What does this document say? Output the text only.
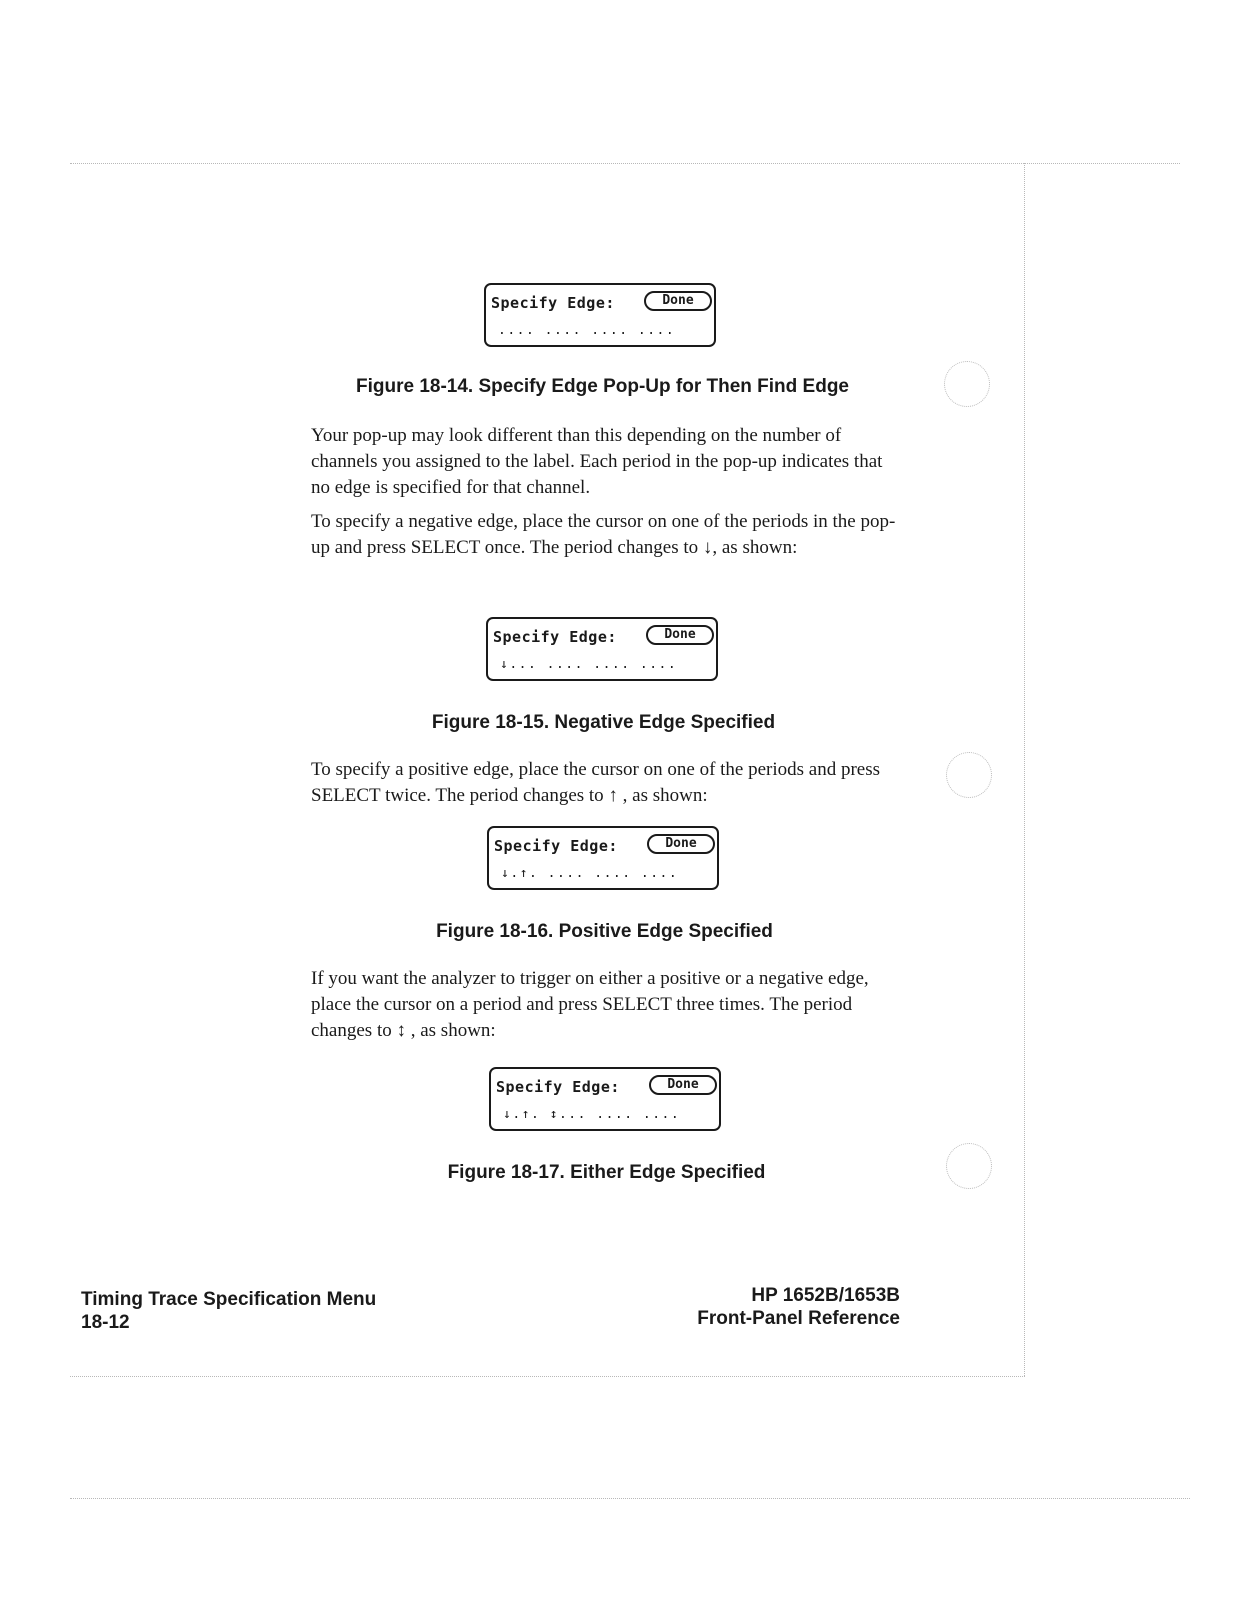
Specify Edge:	Done
.... .... .... ....
Figure 18-14. Specify Edge Pop-Up for Then Find Edge

Your pop-up may look different than this depending on the number of channels you assigned to the label. Each period in the pop-up indicates that no edge is specified for that channel.

To specify a negative edge, place the cursor on one of the periods in the pop-up and press SELECT once. The period changes to ↓, as shown:

Specify Edge:	Done
↓... .... .... ....
Figure 18-15. Negative Edge Specified

To specify a positive edge, place the cursor on one of the periods and press SELECT twice. The period changes to ↑ , as shown:

Specify Edge:	Done
↓.↑. .... .... ....
Figure 18-16. Positive Edge Specified

If you want the analyzer to trigger on either a positive or a negative edge, place the cursor on a period and press SELECT three times. The period changes to ↕ , as shown:

Specify Edge:	Done
↓.↑. ↕... .... ....
Figure 18-17. Either Edge Specified
Timing Trace Specification Menu
18-12
HP 1652B/1653B
Front-Panel Reference
